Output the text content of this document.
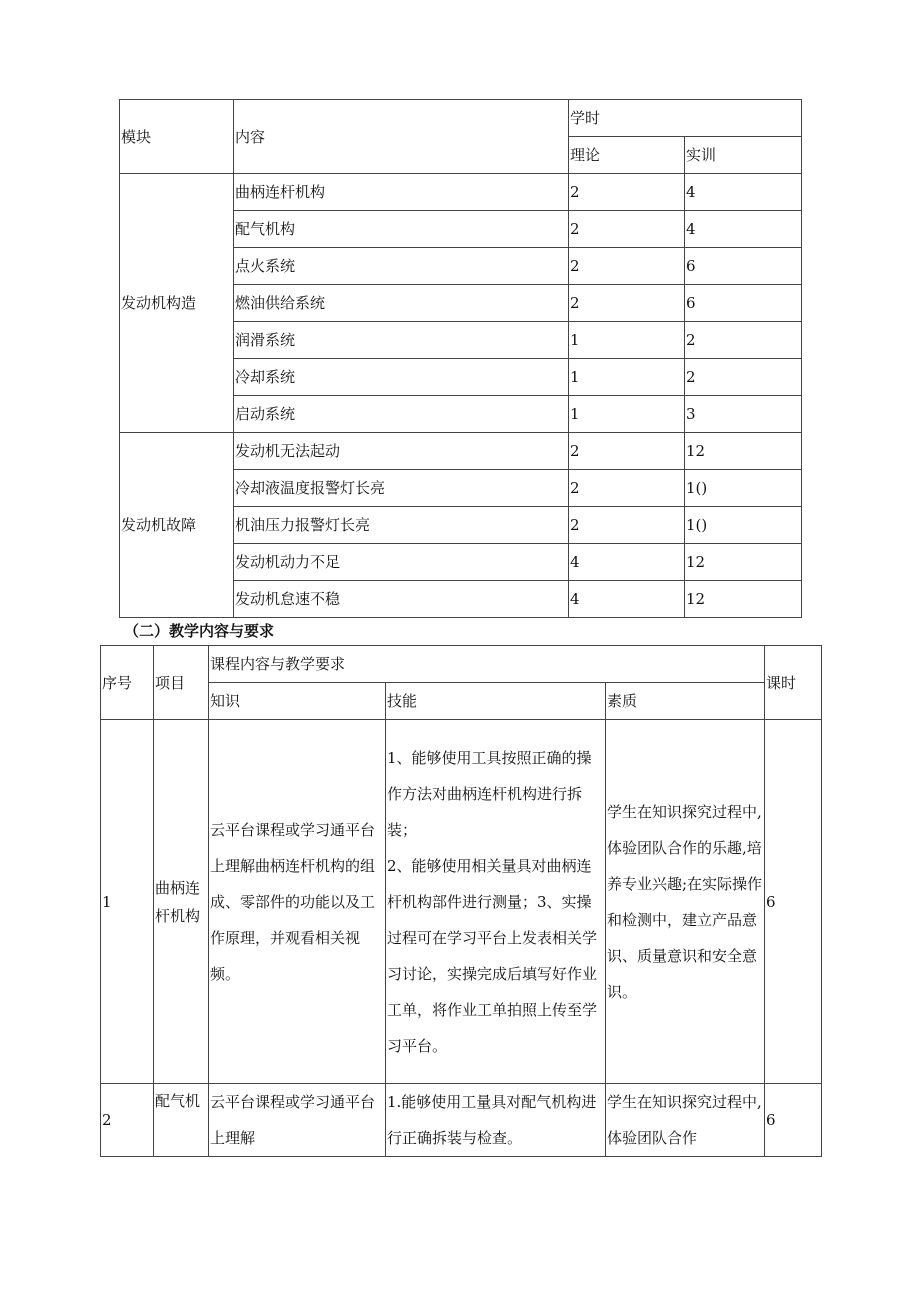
模块	内容	学时	
		理论	实训
发动机构造	曲柄连杆机构	2	4
	配气机构	2	4
	点火系统	2	6
	燃油供给系统	2	6
	润滑系统	1	2
	冷却系统	1	2
	启动系统	1	3
发动机故障	发动机无法起动	2	12
	冷却液温度报警灯长亮	2	1()
	机油压力报警灯长亮	2	1()
	发动机动力不足	4	12
	发动机怠速不稳	4	12
（二）教学内容与要求
序号	项目	课程内容与教学要求			课时
		知识	技能	素质	
1	曲柄连杆机构	云平台课程或学习通平台上理解曲柄连杆机构的组成、零部件的功能以及工作原理，并观看相关视频。	1、能够使用工具按照正确的操作方法对曲柄连杆机构进行拆装；
2、能够使用相关量具对曲柄连杆机构部件进行测量；3、实操过程可在学习平台上发表相关学习讨论，实操完成后填写好作业工单，将作业工单拍照上传至学习平台。	学生在知识探究过程中,体验团队合作的乐趣,培养专业兴趣;在实际操作和检测中，建立产品意识、质量意识和安全意识。	6
2	配气机	云平台课程或学习通平台上理解	1.能够使用工量具对配气机构进行正确拆装与检查。	学生在知识探究过程中,体验团队合作	6
